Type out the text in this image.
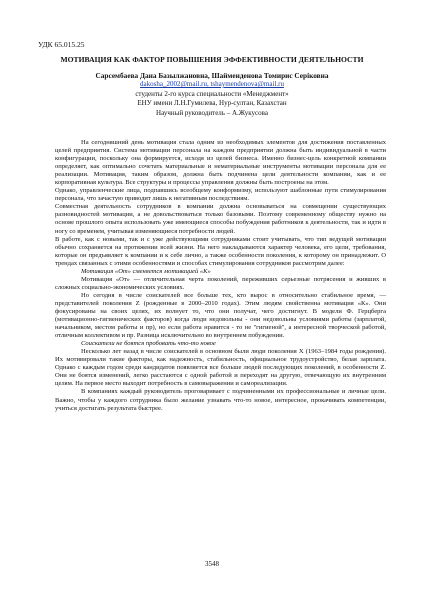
УДК 65.015.25
МОТИВАЦИЯ КАК ФАКТОР ПОВЫШЕНИЯ ЭФФЕКТИВНОСТИ ДЕЯТЕЛЬНОСТИ
Сарсембаева Дана Базылжановна, Шайменденова Томирис Серіковна
dakosha_2002@mail.ru, tshaymendenova@mail.ru
студенты 2-го курса специальности «Менеджмент»
ЕНУ имени Л.Н.Гумилева, Нур-султан, Казахстан
Научный руководитель – А.Жукусова

На сегодняшний день мотивация стала одним из необходимых элементов для достижения поставленных целей предприятия. Система мотивации персонала на каждом предприятии должна быть индивидуальной в части конфигурации, поскольку она формируется, исходя из целей бизнеса. Именно бизнес-цель конкретной компании определяет, как оптимально сочетать материальные и нематериальные инструменты мотивации персонала для ее реализации. Мотивация, таким образом, должна быть подчинена цели деятельности компании, как и ее корпоративная культура. Все структуры и процессы управления должны быть построены на этом.

Однако, управленческие лица, подпавшись всеобщему конформизму, используют шаблонные пути стимулирования персонала, что зачастую приводит лишь к негативным последствиям.

Совместная деятельность сотрудников в компании должна основываться на совмещении существующих разновидностей мотивации, а не довольствоваться только базовыми. Поэтому современному обществу нужно на основе прошлого опыта использовать уже имеющиеся способы побуждения работников к деятельности, так и идти в ногу со временем, учитывая изменяющиеся потребности людей.

В работе, как с новыми, так и с уже действующими сотрудниками стоит учитывать, что тип ведущей мотивации обычно сохраняется на протяжении всей жизни. На него накладываются характер человека, его цели, требования, которые он предъявляет к компании и к себе лично, а также особенности поколения, к которому он принадлежит. О трендах связанных с этими особенностями и способах стимулирования сотрудников рассмотрим далее:

Мотивация «От» сменяется мотивацией «К»

Мотивация «От» — отличительная черта поколений, переживших серьезные потрясения и живших в сложных социально-экономических условиях.

Но сегодня в числе соискателей все больше тех, кто вырос в относительно стабильное время, — представителей поколения Z (рожденные в 2000–2010 годах). Этим людям свойственна мотивация «К». Они фокусированы на своих целях, их волнует то, что они получат, чего достигнут. В модели Ф. Герцберга (мотивационно-гигиенических факторов) когда люди недовольны - они недовольны условиями работы (зарплатой, начальником, местом работы и пр), но если работа нравится - то не "гигиеной", а интересной творческой работой, отличным коллективом и пр. Разница исключительно во внутреннем побуждении.

Соискатели не боятся пробовать что-то новое

Несколько лет назад в числе соискателей в основном были люди поколения X (1963–1984 годы рождения). Их мотивировали такие факторы, как надежность, стабильность, официальное трудоустройство, белая зарплата. Однако с каждым годом среди кандидатов появляется все больше людей последующих поколений, в особенности Z. Они не боятся изменений, легко расстаются с одной работой и переходят на другую, отвечающую их внутренним целям. На первое место выходит потребность в самовыражении и самореализации.

В компаниях каждый руководитель проговаривает с подчиненными их профессиональные и личные цели. Важно, чтобы у каждого сотрудника было желание узнавать что-то новое, интересное, прокачивать компетенции, учиться достигать результата быстрее.

3548
